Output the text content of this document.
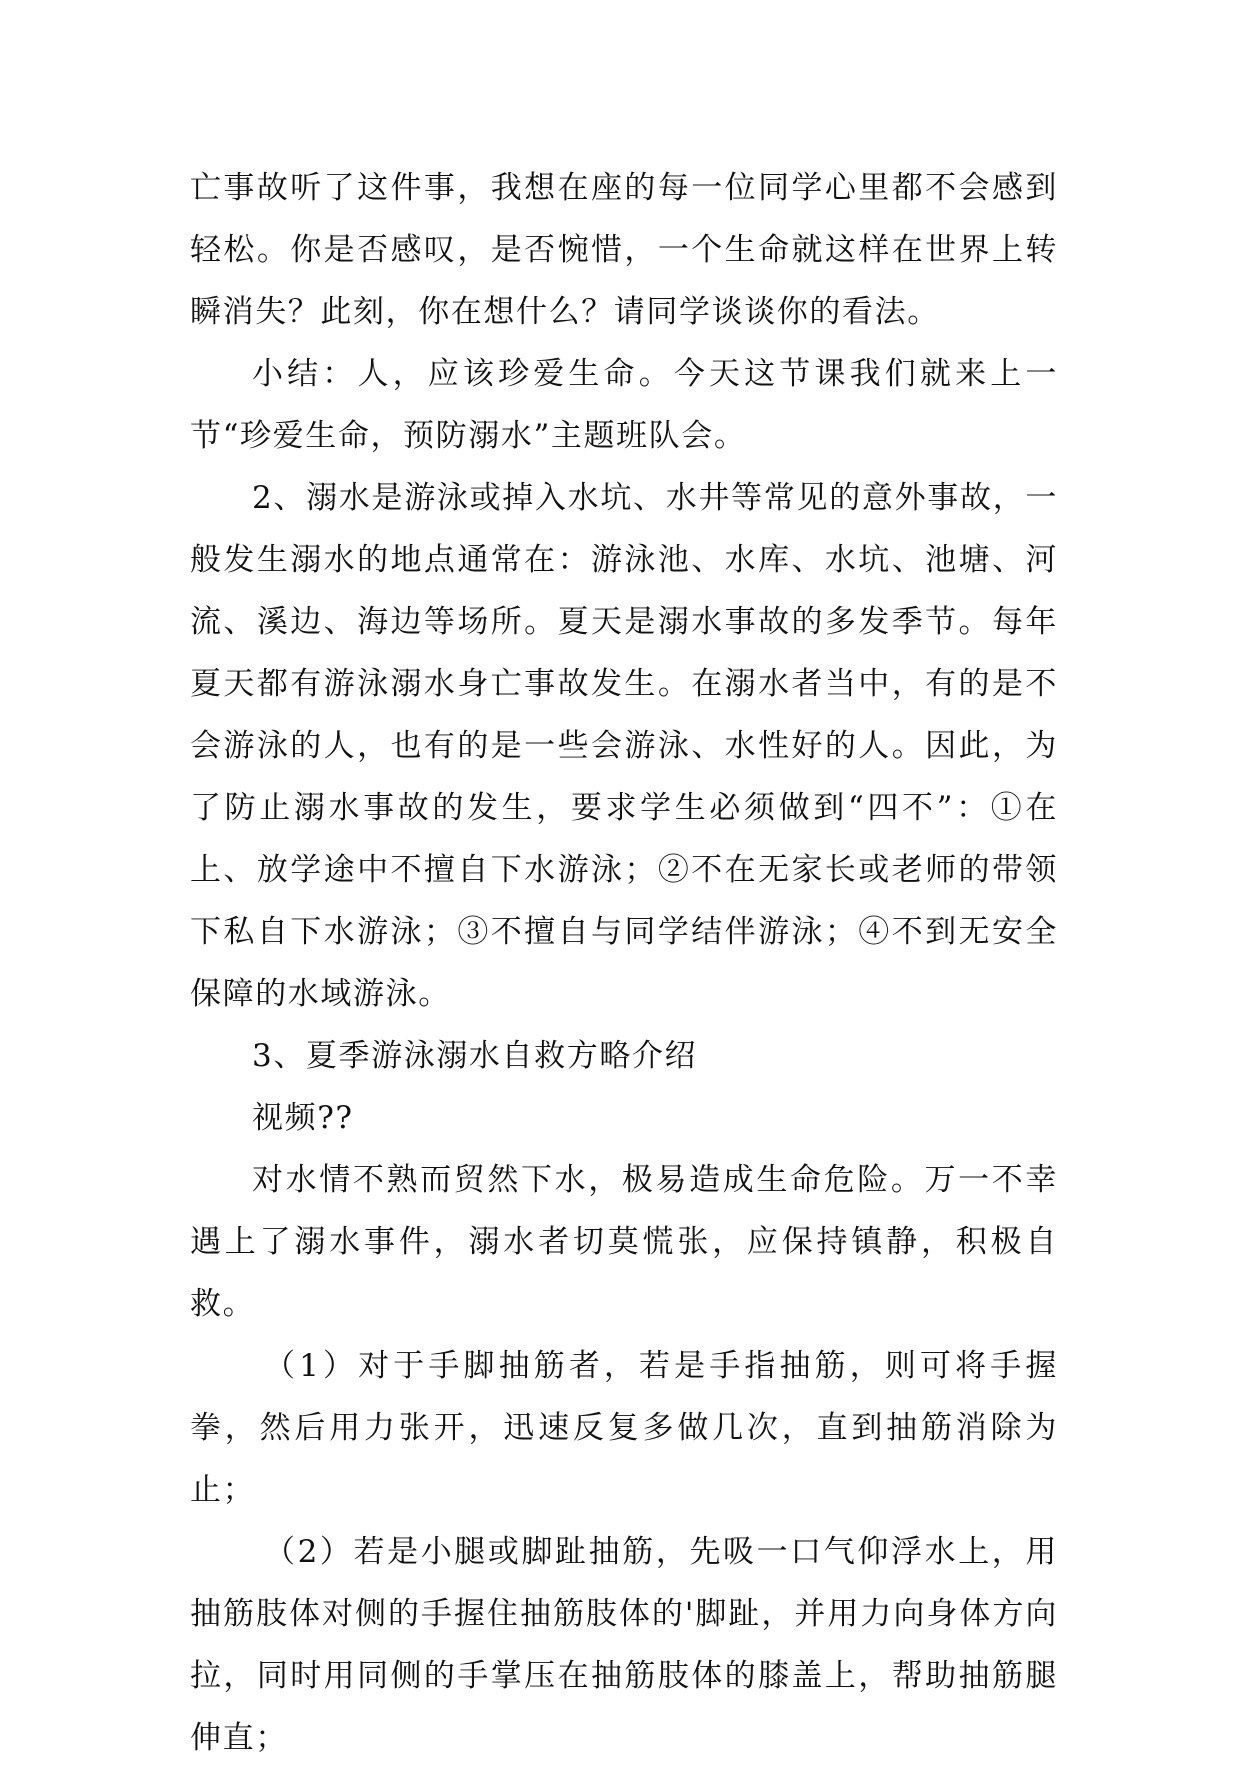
亡事故听了这件事，我想在座的每一位同学心里都不会感到轻松。你是否感叹，是否惋惜，一个生命就这样在世界上转瞬消失？此刻，你在想什么？请同学谈谈你的看法。

小结：人，应该珍爱生命。今天这节课我们就来上一节“珍爱生命，预防溺水”主题班队会。

2、溺水是游泳或掉入水坑、水井等常见的意外事故，一般发生溺水的地点通常在：游泳池、水库、水坑、池塘、河流、溪边、海边等场所。夏天是溺水事故的多发季节。每年夏天都有游泳溺水身亡事故发生。在溺水者当中，有的是不会游泳的人，也有的是一些会游泳、水性好的人。因此，为了防止溺水事故的发生，要求学生必须做到“四不”：①在上、放学途中不擅自下水游泳；②不在无家长或老师的带领下私自下水游泳；③不擅自与同学结伴游泳；④不到无安全保障的水域游泳。

3、夏季游泳溺水自救方略介绍

视频??

对水情不熟而贸然下水，极易造成生命危险。万一不幸遇上了溺水事件，溺水者切莫慌张，应保持镇静，积极自救。

（1）对于手脚抽筋者，若是手指抽筋，则可将手握拳，然后用力张开，迅速反复多做几次，直到抽筋消除为止；

（2）若是小腿或脚趾抽筋，先吸一口气仰浮水上，用抽筋肢体对侧的手握住抽筋肢体的'脚趾，并用力向身体方向拉，同时用同侧的手掌压在抽筋肢体的膝盖上，帮助抽筋腿伸直；
